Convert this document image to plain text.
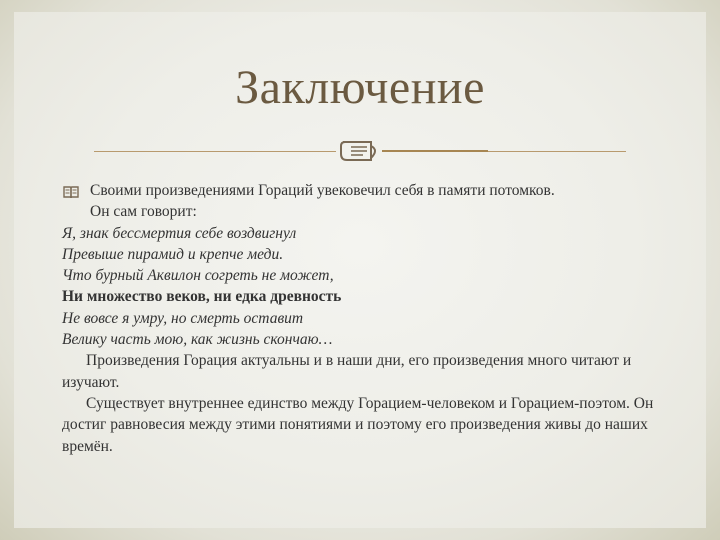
Заключение
Своими произведениями Гораций увековечил себя в памяти потомков.
Он сам говорит:
Я, знак бессмертия себе воздвигнул
Превыше пирамид и крепче меди.
Что бурный Аквилон согреть не может,
Ни множество веков, ни едка древность
Не вовсе я умру, но смерть оставит
Велику часть мою, как жизнь скончаю…
Произведения Горация актуальны и в наши дни, его произведения много читают и изучают.
Существует внутреннее единство между Горацием-человеком и Горацием-поэтом. Он достиг равновесия между этими понятиями и поэтому его произведения живы до наших времён.
